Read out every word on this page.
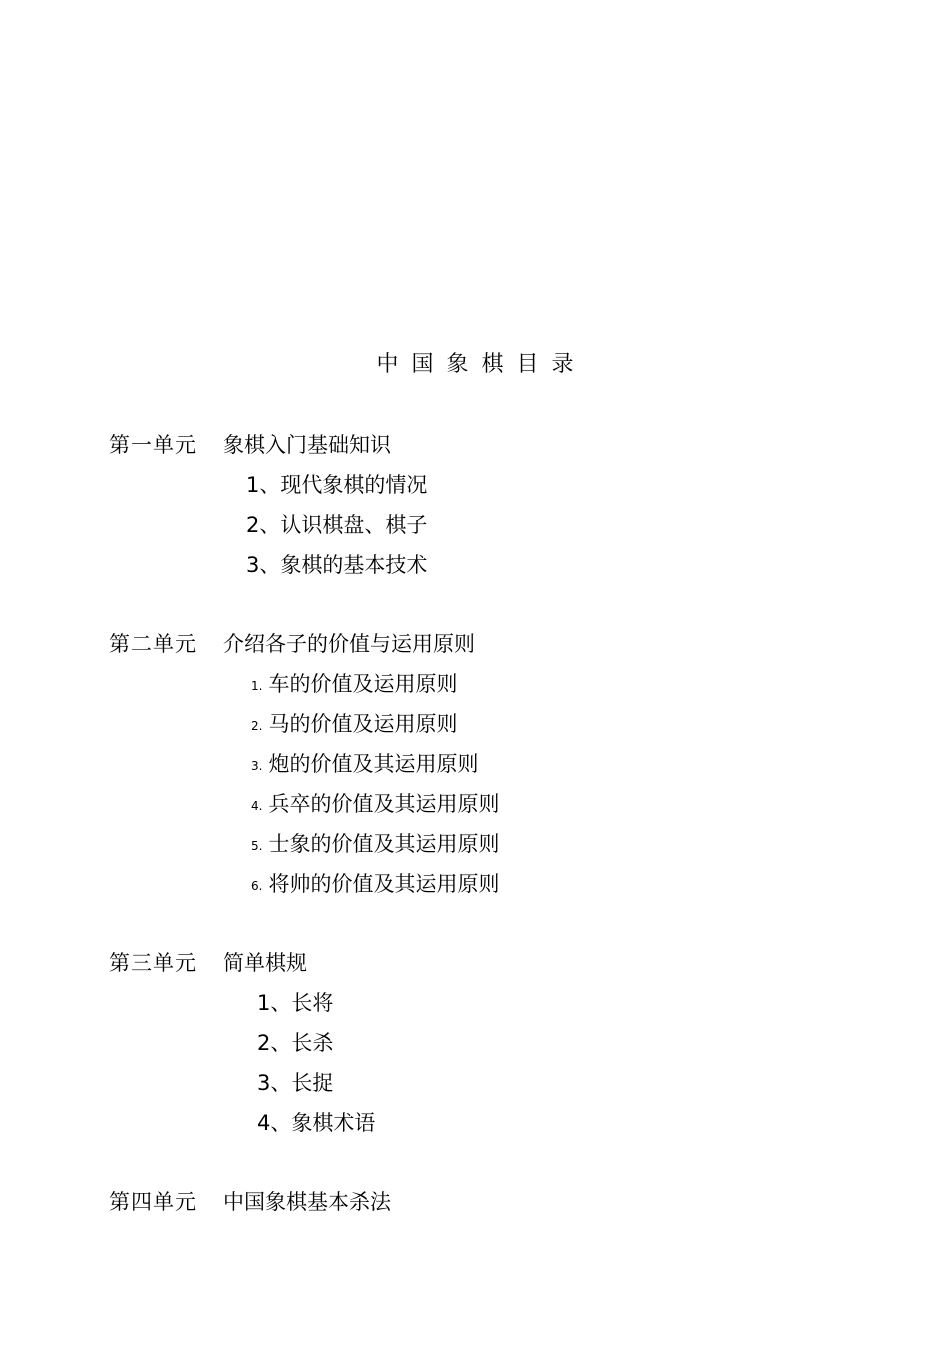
中国象棋目录
第一单元 象棋入门基础知识
1、现代象棋的情况
2、认识棋盘、棋子
3、象棋的基本技术
第二单元 介绍各子的价值与运用原则
1. 车的价值及运用原则
2. 马的价值及运用原则
3. 炮的价值及其运用原则
4. 兵卒的价值及其运用原则
5. 士象的价值及其运用原则
6. 将帅的价值及其运用原则
第三单元 简单棋规
1、长将
2、长杀
3、长捉
4、象棋术语
第四单元 中国象棋基本杀法
